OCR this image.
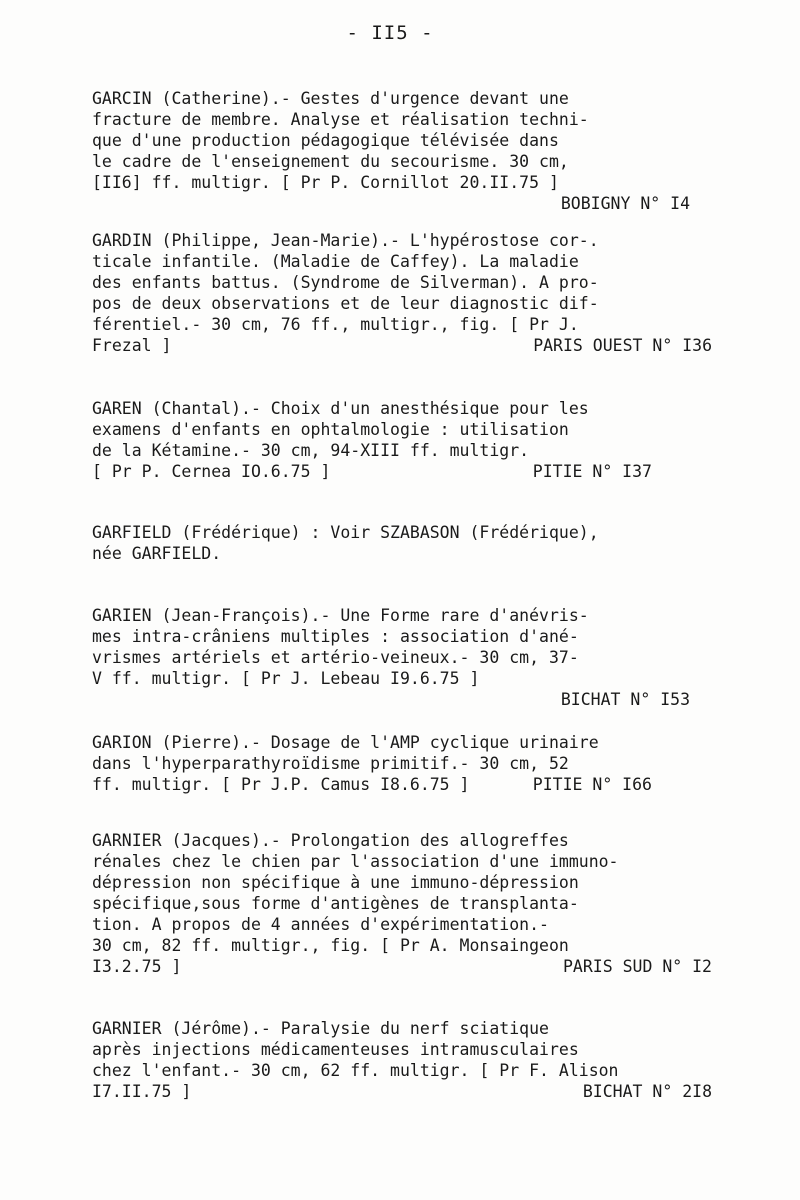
- II5 -
GARCIN (Catherine).- Gestes d'urgence devant une
fracture de membre. Analyse et réalisation techni-
que d'une production pédagogique télévisée dans
le cadre de l'enseignement du secourisme. 30 cm,
[II6] ff. multigr. [ Pr P. Cornillot 20.II.75 ]
BOBIGNY N° I4
GARDIN (Philippe, Jean-Marie).- L'hypérostose cor-.
ticale infantile. (Maladie de Caffey). La maladie
des enfants battus. (Syndrome de Silverman). A pro-
pos de deux observations et de leur diagnostic dif-
férentiel.- 30 cm, 76 ff., multigr., fig. [ Pr J.
Frezal ]	PARIS OUEST N° I36
GAREN (Chantal).- Choix d'un anesthésique pour les
examens d'enfants en ophtalmologie : utilisation
de la Kétamine.- 30 cm, 94-XIII ff. multigr.
[ Pr P. Cernea IO.6.75 ]	PITIE N° I37
GARFIELD (Frédérique) : Voir SZABASON (Frédérique),
née GARFIELD.
GARIEN (Jean-François).- Une Forme rare d'anévris-
mes intra-crâniens multiples : association d'ané-
vrismes artériels et artério-veineux.- 30 cm, 37-
V ff. multigr. [ Pr J. Lebeau I9.6.75 ]
BICHAT N° I53
GARION (Pierre).- Dosage de l'AMP cyclique urinaire
dans l'hyperparathyroïdisme primitif.- 30 cm, 52
ff. multigr. [ Pr J.P. Camus I8.6.75 ]	PITIE N° I66
GARNIER (Jacques).- Prolongation des allogreffes
rénales chez le chien par l'association d'une immuno-
dépression non spécifique à une immuno-dépression
spécifique,sous forme d'antigènes de transplanta-
tion. A propos de 4 années d'expérimentation.-
30 cm, 82 ff. multigr., fig. [ Pr A. Monsaingeon
I3.2.75 ]	PARIS SUD N° I2
GARNIER (Jérôme).- Paralysie du nerf sciatique
après injections médicamenteuses intramusculaires
chez l'enfant.- 30 cm, 62 ff. multigr. [ Pr F. Alison
I7.II.75 ]	BICHAT N° 2I8
